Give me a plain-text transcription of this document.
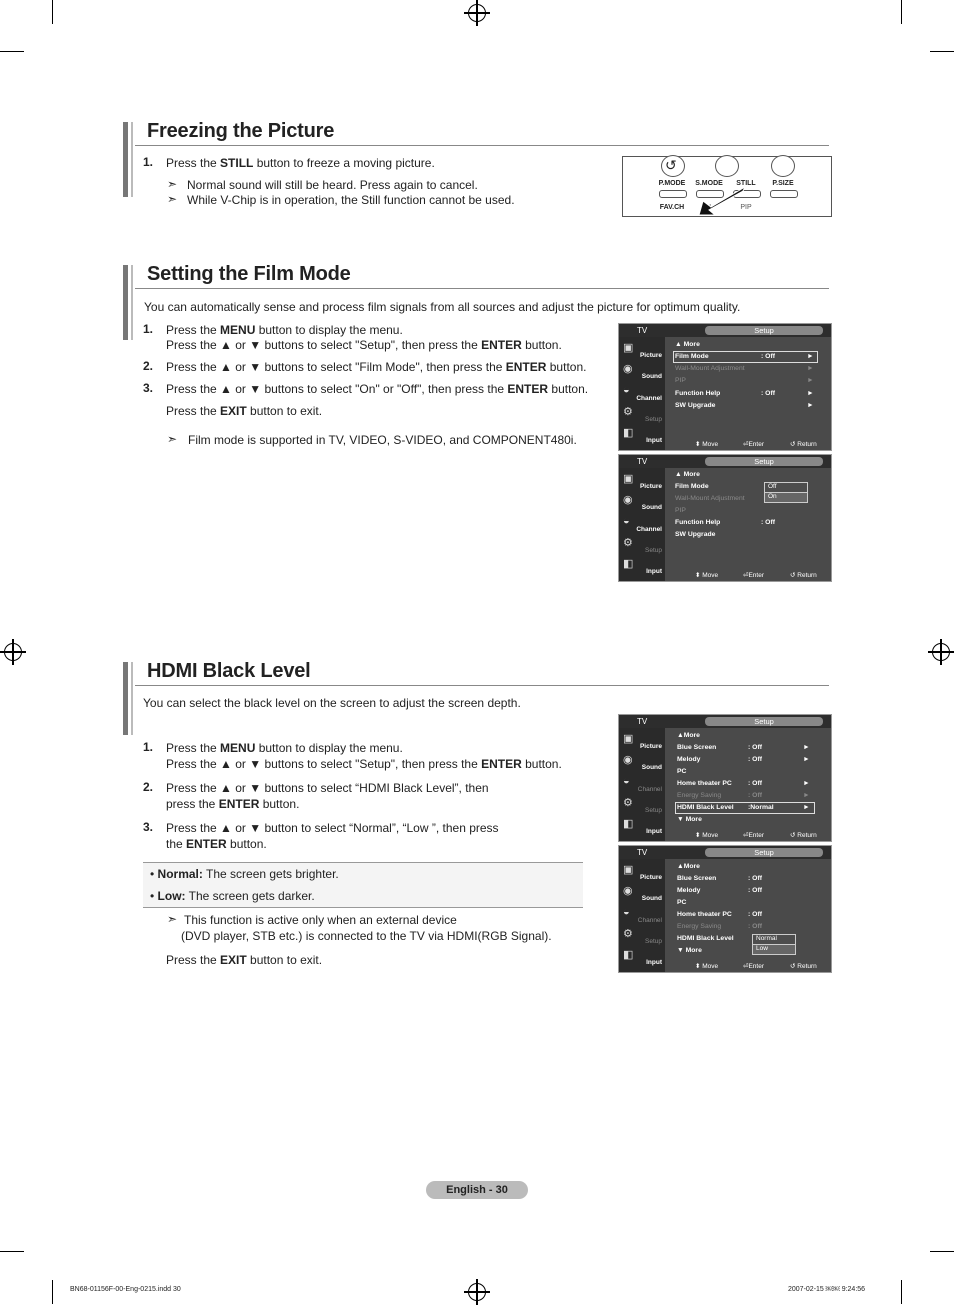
Freezing the Picture
1. Press the STILL button to freeze a moving picture.
➣ Normal sound will still be heard. Press again to cancel.
➣ While V-Chip is in operation, the Still function cannot be used.
↺
P.MODE S.MODE	STILL	P.SIZE
FAV.CH	PIP
Setting the Film Mode
You can automatically sense and process film signals from all sources and adjust the picture for optimum quality.
1. Press the MENU button to display the menu.
Press the ▲ or ▼ buttons to select "Setup", then press the ENTER button.
2. Press the ▲ or ▼ buttons to select "Film Mode", then press the ENTER button.
3. Press the ▲ or ▼ buttons to select "On" or "Off", then press the ENTER button.
Press the EXIT button to exit.
➣ Film mode is supported in TV, VIDEO, S-VIDEO, and COMPONENT480i.
TV	Setup
▣
Picture
◉
Sound
◒
Channel
⚙
Setup
◧
Input
▲ More
Film Mode	: Off	►
Wall-Mount Adjustment	►
PIP	►
Function Help	: Off	►
SW Upgrade	►
⬍ Move	⏎Enter	↺ Return
TV	Setup
▣
Picture
◉
Sound
◒
Channel
⚙
Setup
◧
Input
▲ More
Film Mode	Off
On
Wall-Mount Adjustment
PIP
Function Help	: Off
SW Upgrade
⬍ Move	⏎Enter	↺ Return
HDMI Black Level
You can select the black level on the screen to adjust the screen depth.
1. Press the MENU button to display the menu.
Press the ▲ or ▼ buttons to select "Setup", then press the ENTER button.
2. Press the ▲ or ▼ buttons to select “HDMI Black Level”, then
press the ENTER button.
3. Press the ▲ or ▼ button to select “Normal”, “Low ”, then press
the ENTER button.
• Normal: The screen gets brighter.
• Low: The screen gets darker.
➣ This function is active only when an external device
(DVD player, STB etc.) is connected to the TV via HDMI(RGB Signal).
Press the EXIT button to exit.
TV	Setup
▣
Picture
◉
Sound
◒
Channel
⚙
Setup
◧
Input
▲More
Blue Screen	: Off	►
Melody	: Off	►
PC
Home theater PC : Off	►
Energy Saving	: Off	►
HDMI Black Level :Normal	►
▼ More
⬍ Move	⏎Enter	↺ Return
TV	Setup
▣
Picture
◉
Sound
◒
Channel
⚙
Setup
◧
Input
▲More
Blue Screen	: Off
Melody	: Off
PC
Home theater PC : Off
Energy Saving	: Off
HDMI Black Level	Normal
Low
▼ More
⬍ Move	⏎Enter	↺ Return
English - 30
BN68-01156F-00-Eng-0215.indd 30	2007-02-15 ￼￼ 9:24:56
